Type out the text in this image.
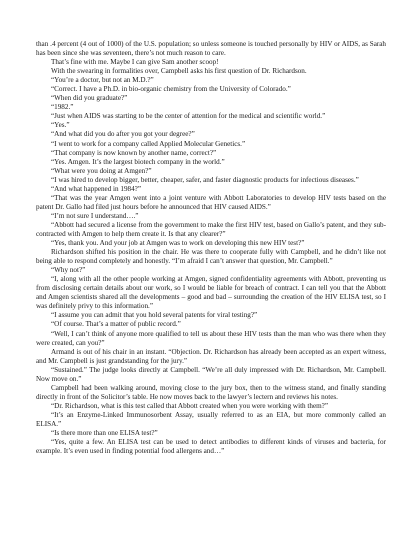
than .4 percent (4 out of 1000) of the U.S. population; so unless someone is touched personally by HIV or AIDS, as Sarah has been since she was seventeen, there’s not much reason to care.

That’s fine with me. Maybe I can give Sam another scoop!

With the swearing in formalities over, Campbell asks his first question of Dr. Richardson.

“You’re a doctor, but not an M.D.?”

“Correct. I have a Ph.D. in bio-organic chemistry from the University of Colorado.”

“When did you graduate?”

“1982.”

“Just when AIDS was starting to be the center of attention for the medical and scientific world.”

“Yes.”

“And what did you do after you got your degree?”

“I went to work for a company called Applied Molecular Genetics.”

“That company is now known by another name, correct?”

“Yes. Amgen. It’s the largest biotech company in the world.”

“What were you doing at Amgen?”

“I was hired to develop bigger, better, cheaper, safer, and faster diagnostic products for infectious diseases.”

“And what happened in 1984?”

“That was the year Amgen went into a joint venture with Abbott Laboratories to develop HIV tests based on the patent Dr. Gallo had filed just hours before he announced that HIV caused AIDS.”

“I’m not sure I understand….”

“Abbott had secured a license from the government to make the first HIV test, based on Gallo’s patent, and they sub-contracted with Amgen to help them create it. Is that any clearer?”

“Yes, thank you. And your job at Amgen was to work on developing this new HIV test?”

Richardson shifted his position in the chair. He was there to cooperate fully with Campbell, and he didn’t like not being able to respond completely and honestly. “I’m afraid I can’t answer that question, Mr. Campbell.”

“Why not?”

“I, along with all the other people working at Amgen, signed confidentiality agreements with Abbott, preventing us from disclosing certain details about our work, so I would be liable for breach of contract. I can tell you that the Abbott and Amgen scientists shared all the developments – good and bad – surrounding the creation of the HIV ELISA test, so I was definitely privy to this information.”

“I assume you can admit that you hold several patents for viral testing?”

“Of course. That’s a matter of public record.”

“Well, I can’t think of anyone more qualified to tell us about these HIV tests than the man who was there when they were created, can you?”

Armand is out of his chair in an instant. “Objection. Dr. Richardson has already been accepted as an expert witness, and Mr. Campbell is just grandstanding for the jury.”

“Sustained.” The judge looks directly at Campbell. “We’re all duly impressed with Dr. Richardson, Mr. Campbell. Now move on.”

Campbell had been walking around, moving close to the jury box, then to the witness stand, and finally standing directly in front of the Solicitor’s table. He now moves back to the lawyer’s lectern and reviews his notes.

“Dr. Richardson, what is this test called that Abbott created when you were working with them?”

“It’s an Enzyme-Linked Immunosorbent Assay, usually referred to as an EIA, but more commonly called an ELISA.”

“Is there more than one ELISA test?”

“Yes, quite a few. An ELISA test can be used to detect antibodies to different kinds of viruses and bacteria, for example. It’s even used in finding potential food allergens and…”
